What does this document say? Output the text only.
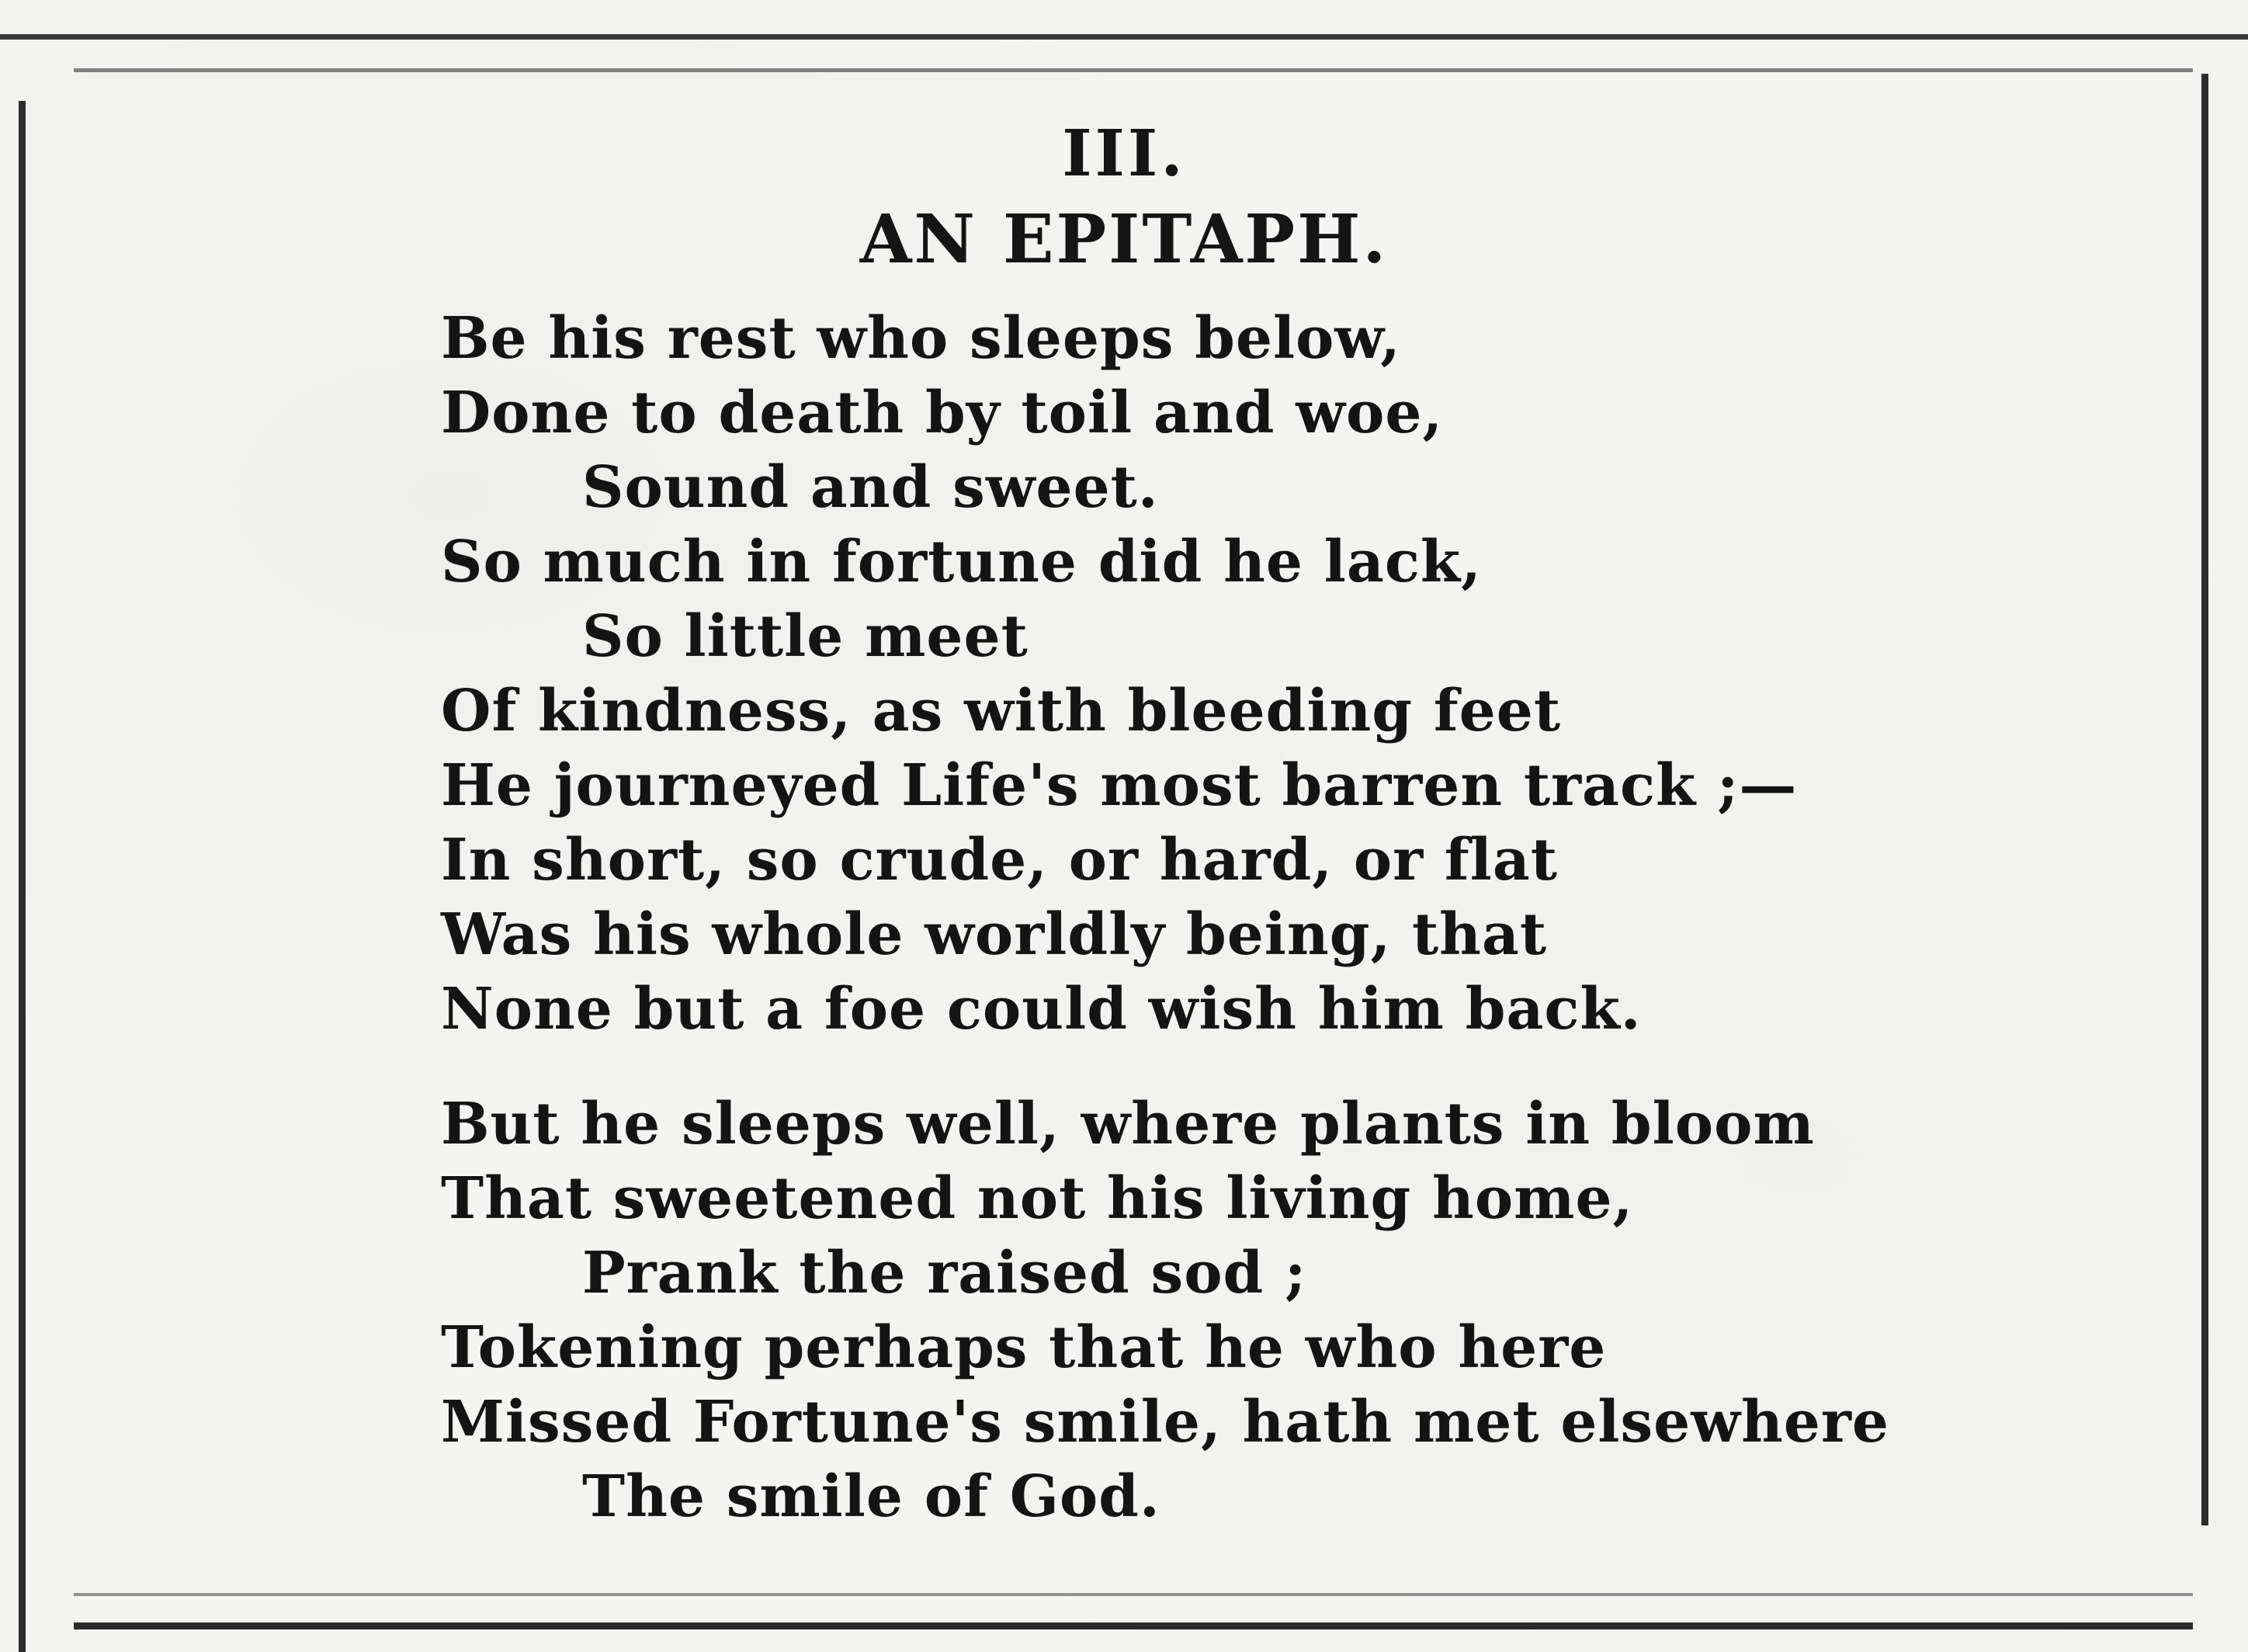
III.
AN EPITAPH.
Be his rest who sleeps below,
Done to death by toil and woe,
Sound and sweet.
So much in fortune did he lack,
So little meet
Of kindness, as with bleeding feet
He journeyed Life's most barren track ;—
In short, so crude, or hard, or flat
Was his whole worldly being, that
None but a foe could wish him back.
But he sleeps well, where plants in bloom
That sweetened not his living home,
Prank the raised sod ;
Tokening perhaps that he who here
Missed Fortune's smile, hath met elsewhere
The smile of God.
